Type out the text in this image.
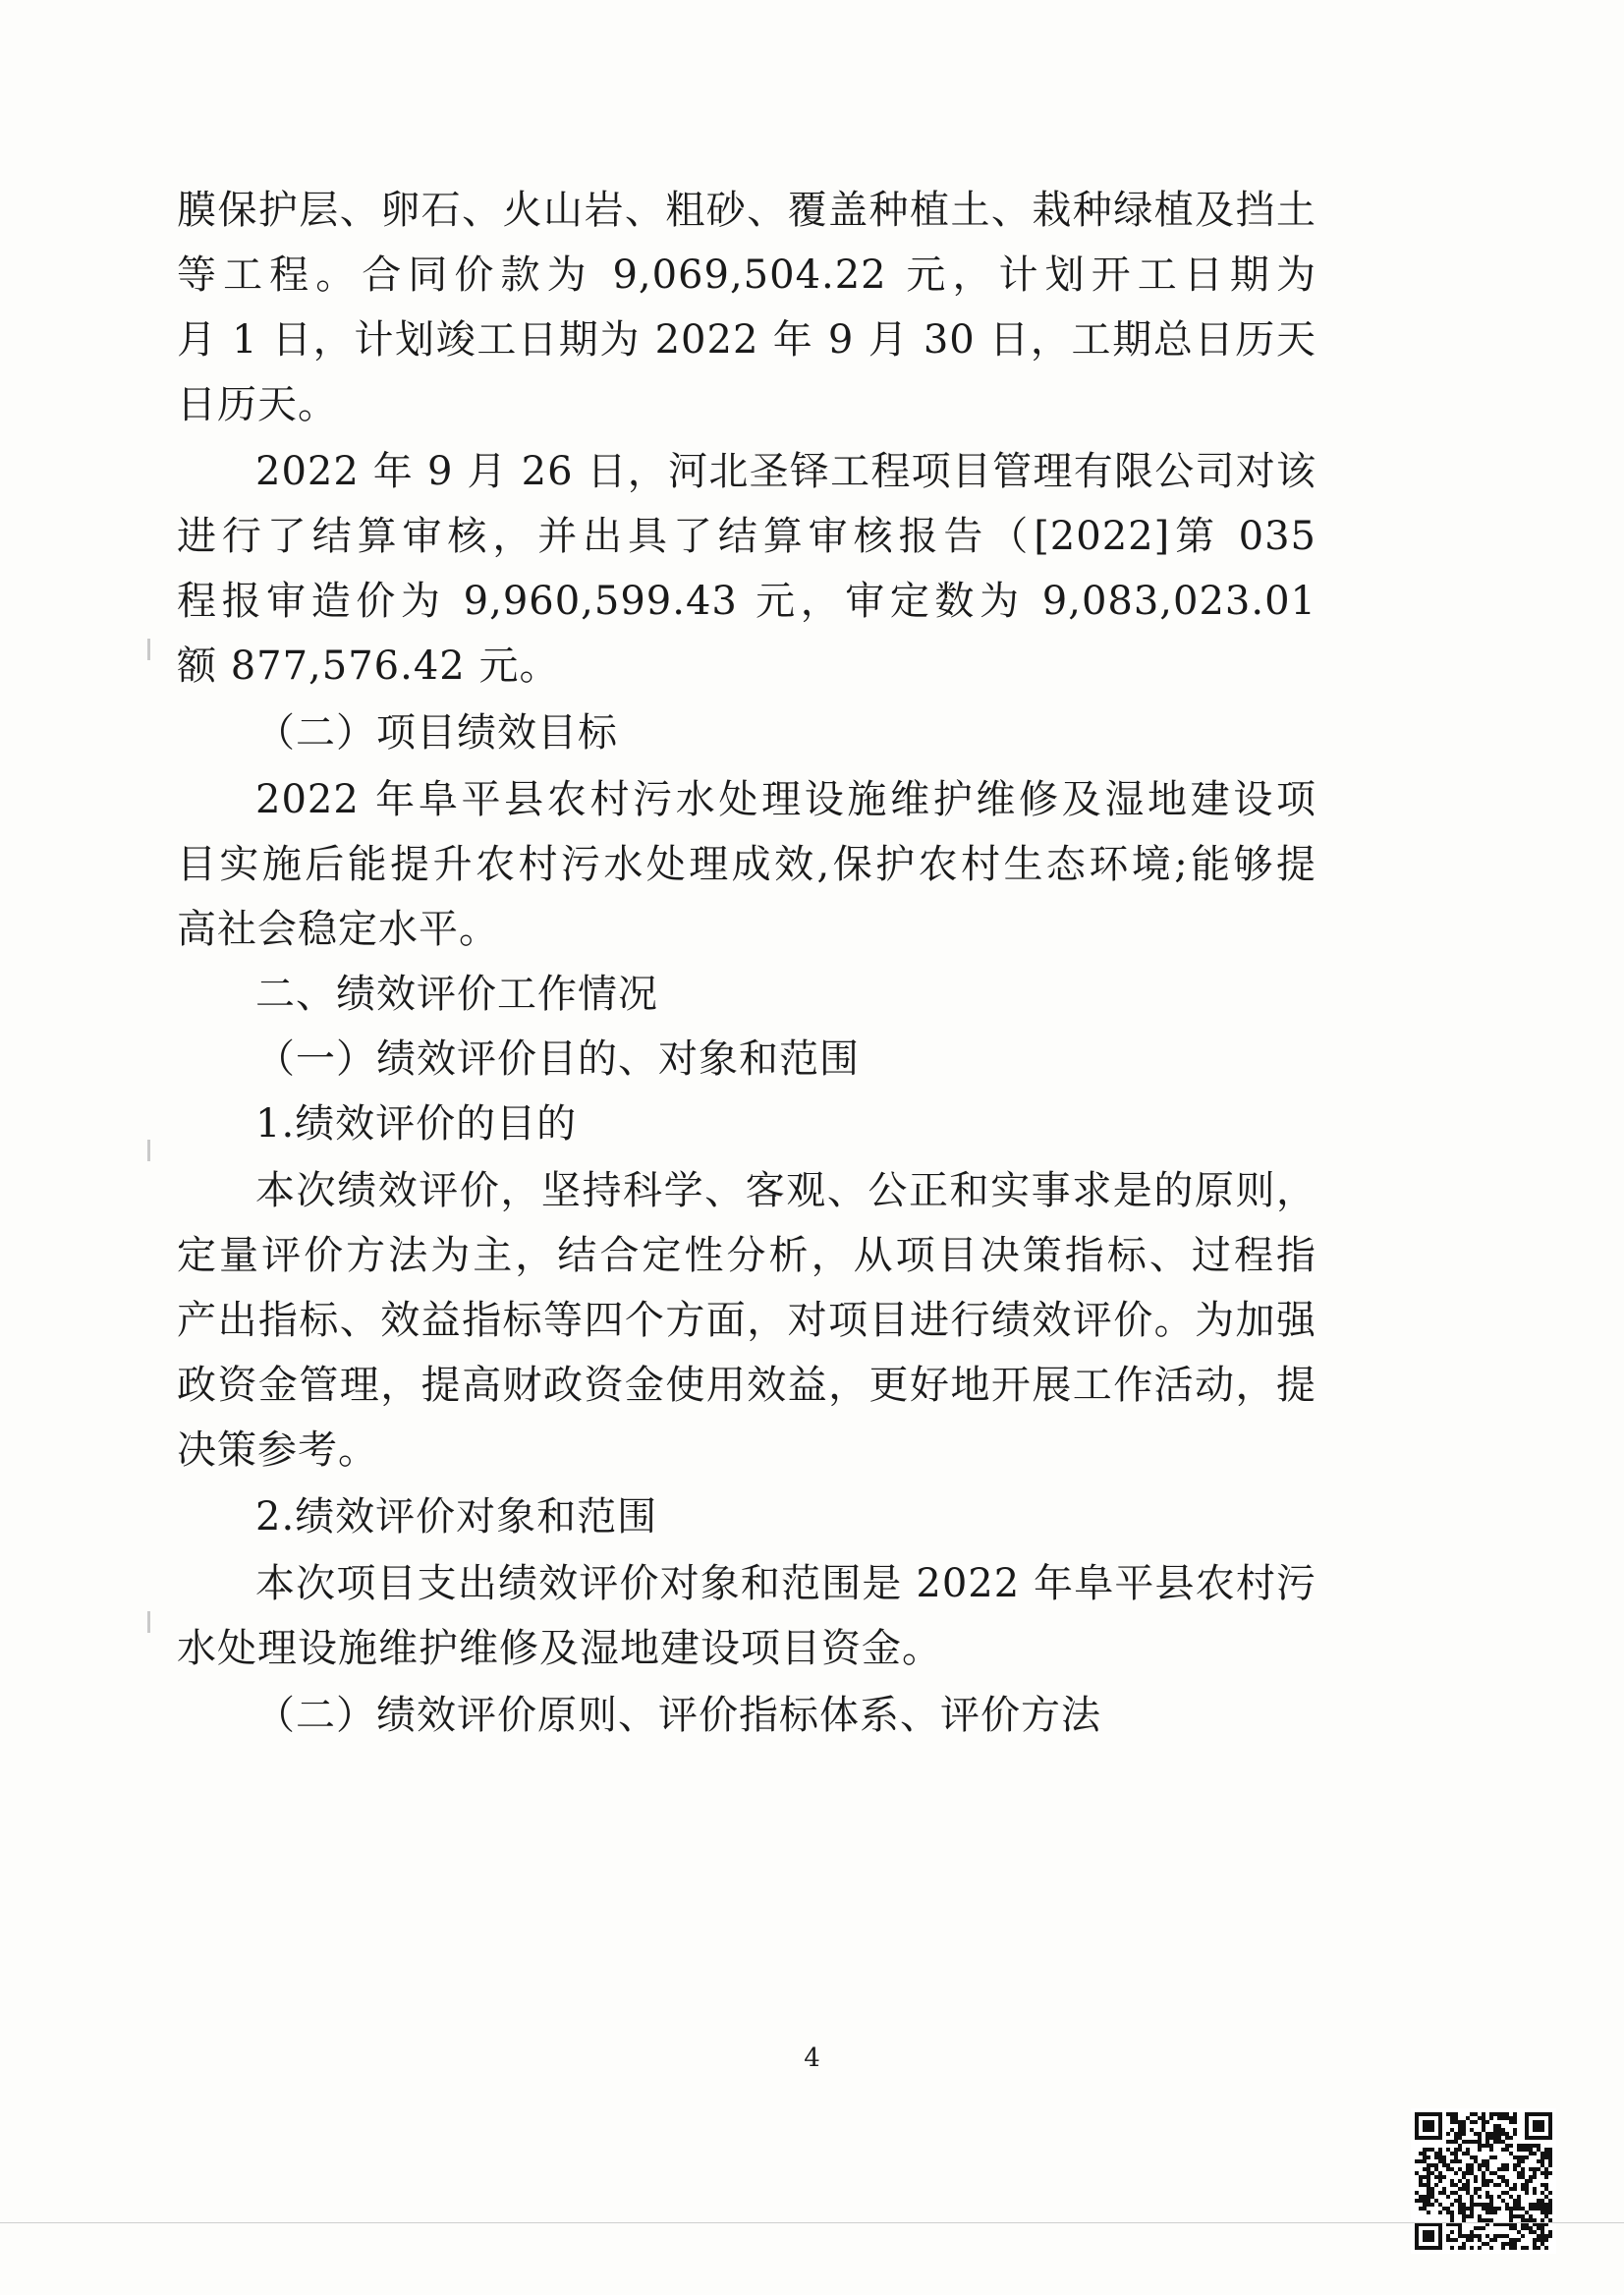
膜保护层、卵石、火山岩、粗砂、覆盖种植土、栽种绿植及挡土
等工程。合同价款为 9,069,504.22 元，计划开工日期为
月 1 日，计划竣工日期为 2022 年 9 月 30 日，工期总日历天
日历天。
2022 年 9 月 26 日，河北圣铎工程项目管理有限公司对该
进行了结算审核，并出具了结算审核报告（[2022]第 035
程报审造价为 9,960,599.43 元，审定数为 9,083,023.01
额 877,576.42 元。
（二）项目绩效目标
2022 年阜平县农村污水处理设施维护维修及湿地建设项
目实施后能提升农村污水处理成效,保护农村生态环境;能够提
高社会稳定水平。
二、绩效评价工作情况
（一）绩效评价目的、对象和范围
1.绩效评价的目的
本次绩效评价，坚持科学、客观、公正和实事求是的原则，
定量评价方法为主，结合定性分析，从项目决策指标、过程指
产出指标、效益指标等四个方面，对项目进行绩效评价。为加强
政资金管理，提高财政资金使用效益，更好地开展工作活动，提
决策参考。
2.绩效评价对象和范围
本次项目支出绩效评价对象和范围是 2022 年阜平县农村污
水处理设施维护维修及湿地建设项目资金。
（二）绩效评价原则、评价指标体系、评价方法
4
